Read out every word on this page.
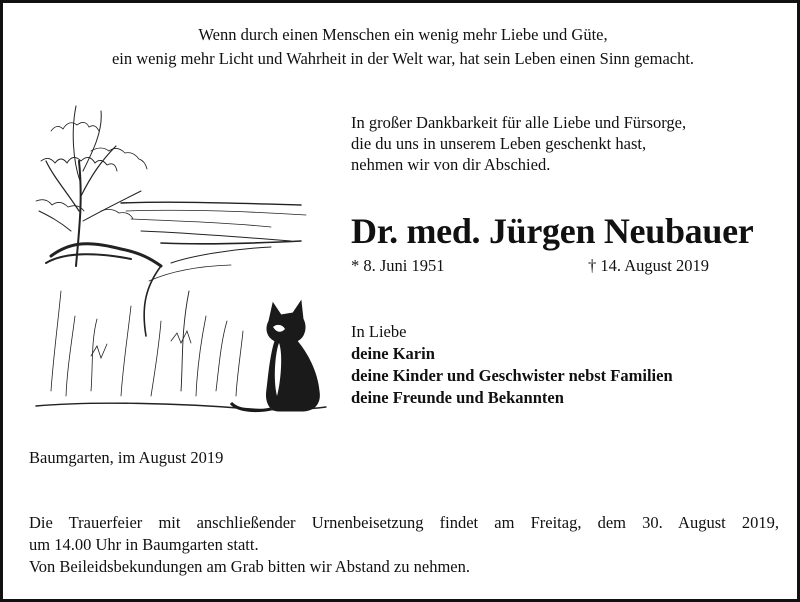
Wenn durch einen Menschen ein wenig mehr Liebe und Güte,
ein wenig mehr Licht und Wahrheit in der Welt war, hat sein Leben einen Sinn gemacht.
In großer Dankbarkeit für alle Liebe und Fürsorge,
die du uns in unserem Leben geschenkt hast,
nehmen wir von dir Abschied.
Dr. med. Jürgen Neubauer
* 8. Juni 1951	† 14. August 2019
In Liebe
deine Karin
deine Kinder und Geschwister nebst Familien
deine Freunde und Bekannten
Baumgarten, im August 2019
Die Trauerfeier mit anschließender Urnenbeisetzung findet am Freitag, dem 30. August 2019,
um 14.00 Uhr in Baumgarten statt.
Von Beileidsbekundungen am Grab bitten wir Abstand zu nehmen.
